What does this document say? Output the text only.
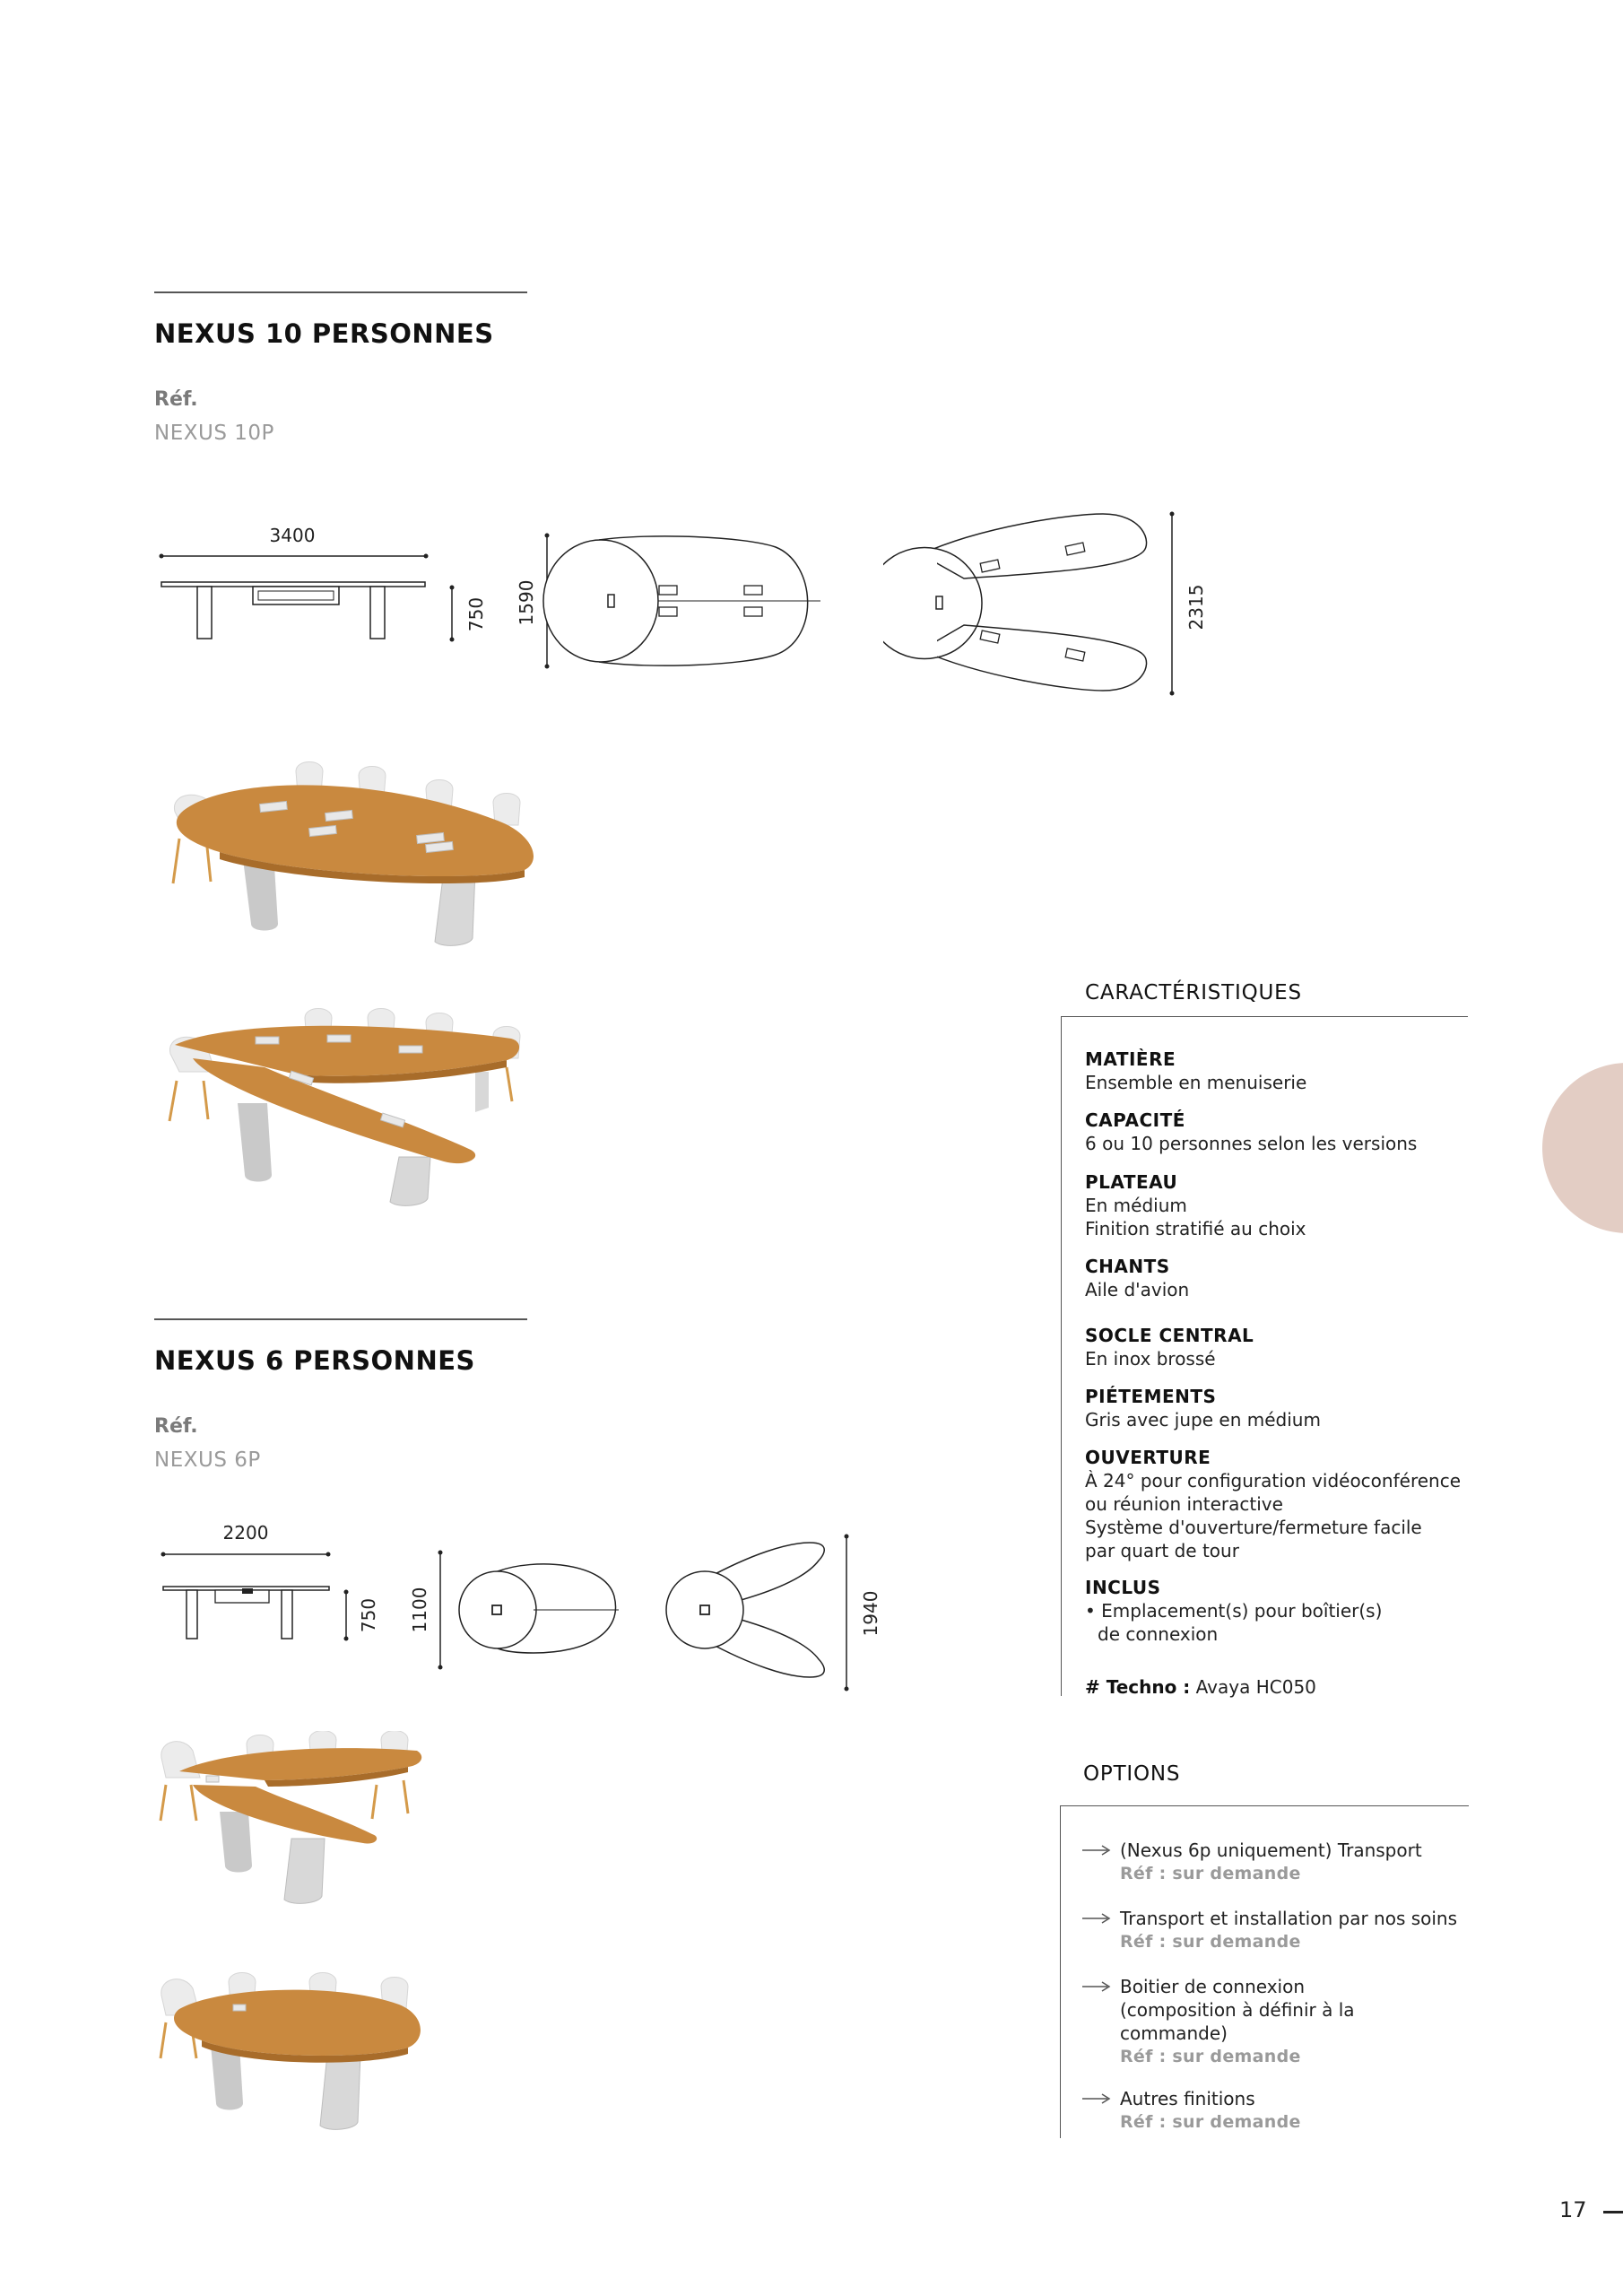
NEXUS 10 PERSONNES
Réf.
NEXUS 10P
3400
750 1590	2315
NEXUS 6 PERSONNES
Réf.
NEXUS 6P
2200
750 1100	1940
CARACTÉRISTIQUES
MATIÈRE
Ensemble en menuiserie
CAPACITÉ
6 ou 10 personnes selon les versions
PLATEAU
En médium
Finition stratifié au choix
CHANTS
Aile d'avion
SOCLE CENTRAL
En inox brossé
PIÉTEMENTS
Gris avec jupe en médium
OUVERTURE
À 24° pour configuration vidéoconférence
ou réunion interactive
Système d'ouverture/fermeture facile
par quart de tour
INCLUS
• Emplacement(s) pour boîtier(s)
de connexion
# Techno : Avaya HC050
OPTIONS
(Nexus 6p uniquement) Transport
Réf : sur demande
Transport et installation par nos soins
Réf : sur demande
Boitier de connexion
(composition à définir à la
commande)
Réf : sur demande
Autres finitions
Réf : sur demande
17
